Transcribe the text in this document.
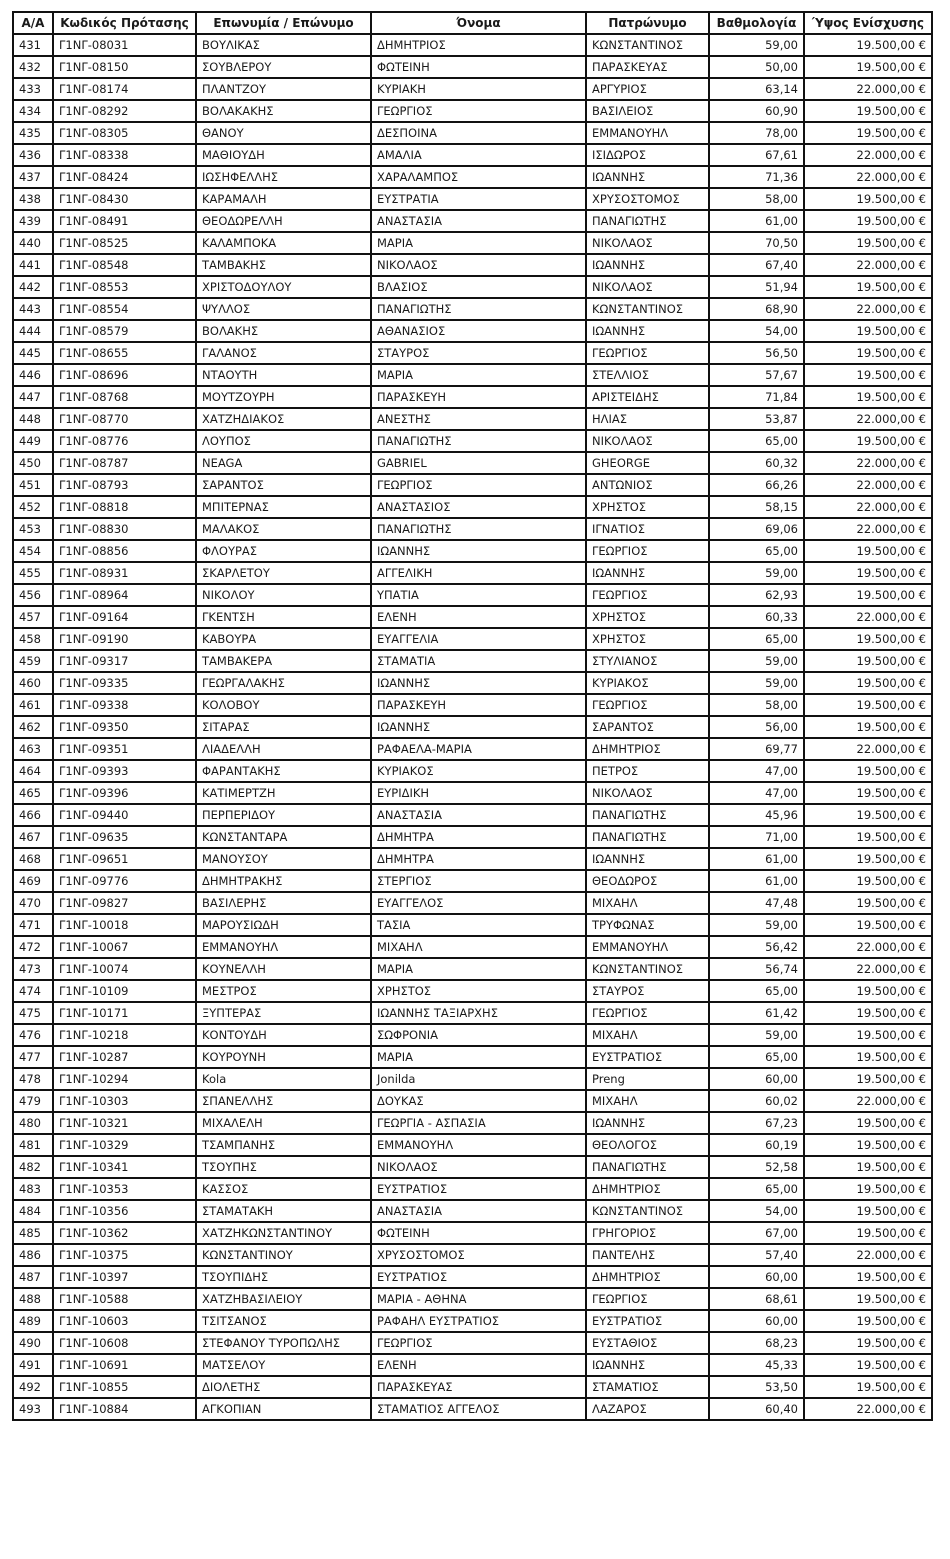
Α/Α	Κωδικός Πρότασης	Επωνυμία / Επώνυμο	Όνομα	Πατρώνυμο	Βαθμολογία	Ύψος Ενίσχυσης
431	Γ1ΝΓ-08031	ΒΟΥΛΙΚΑΣ	ΔΗΜΗΤΡΙΟΣ	ΚΩΝΣΤΑΝΤΙΝΟΣ	59,00	19.500,00 €
432	Γ1ΝΓ-08150	ΣΟΥΒΛΕΡΟΥ	ΦΩΤΕΙΝΗ	ΠΑΡΑΣΚΕΥΑΣ	50,00	19.500,00 €
433	Γ1ΝΓ-08174	ΠΛΑΝΤΖΟΥ	ΚΥΡΙΑΚΗ	ΑΡΓΥΡΙΟΣ	63,14	22.000,00 €
434	Γ1ΝΓ-08292	ΒΟΛΑΚΑΚΗΣ	ΓΕΩΡΓΙΟΣ	ΒΑΣΙΛΕΙΟΣ	60,90	19.500,00 €
435	Γ1ΝΓ-08305	ΘΑΝΟΥ	ΔΕΣΠΟΙΝΑ	ΕΜΜΑΝΟΥΗΛ	78,00	19.500,00 €
436	Γ1ΝΓ-08338	ΜΑΘΙΟΥΔΗ	ΑΜΑΛΙΑ	ΙΣΙΔΩΡΟΣ	67,61	22.000,00 €
437	Γ1ΝΓ-08424	ΙΩΣΗΦΕΛΛΗΣ	ΧΑΡΑΛΑΜΠΟΣ	ΙΩΑΝΝΗΣ	71,36	22.000,00 €
438	Γ1ΝΓ-08430	ΚΑΡΑΜΑΛΗ	ΕΥΣΤΡΑΤΙΑ	ΧΡΥΣΟΣΤΟΜΟΣ	58,00	19.500,00 €
439	Γ1ΝΓ-08491	ΘΕΟΔΩΡΕΛΛΗ	ΑΝΑΣΤΑΣΙΑ	ΠΑΝΑΓΙΩΤΗΣ	61,00	19.500,00 €
440	Γ1ΝΓ-08525	ΚΑΛΑΜΠΟΚΑ	ΜΑΡΙΑ	ΝΙΚΟΛΑΟΣ	70,50	19.500,00 €
441	Γ1ΝΓ-08548	ΤΑΜΒΑΚΗΣ	ΝΙΚΟΛΑΟΣ	ΙΩΑΝΝΗΣ	67,40	22.000,00 €
442	Γ1ΝΓ-08553	ΧΡΙΣΤΟΔΟΥΛΟΥ	ΒΛΑΣΙΟΣ	ΝΙΚΟΛΑΟΣ	51,94	19.500,00 €
443	Γ1ΝΓ-08554	ΨΥΛΛΟΣ	ΠΑΝΑΓΙΩΤΗΣ	ΚΩΝΣΤΑΝΤΙΝΟΣ	68,90	22.000,00 €
444	Γ1ΝΓ-08579	ΒΟΛΑΚΗΣ	ΑΘΑΝΑΣΙΟΣ	ΙΩΑΝΝΗΣ	54,00	19.500,00 €
445	Γ1ΝΓ-08655	ΓΑΛΑΝΟΣ	ΣΤΑΥΡΟΣ	ΓΕΩΡΓΙΟΣ	56,50	19.500,00 €
446	Γ1ΝΓ-08696	ΝΤΑΟΥΤΗ	ΜΑΡΙΑ	ΣΤΕΛΛΙΟΣ	57,67	19.500,00 €
447	Γ1ΝΓ-08768	ΜΟΥΤΖΟΥΡΗ	ΠΑΡΑΣΚΕΥΗ	ΑΡΙΣΤΕΙΔΗΣ	71,84	19.500,00 €
448	Γ1ΝΓ-08770	ΧΑΤΖΗΔΙΑΚΟΣ	ΑΝΕΣΤΗΣ	ΗΛΙΑΣ	53,87	22.000,00 €
449	Γ1ΝΓ-08776	ΛΟΥΠΟΣ	ΠΑΝΑΓΙΩΤΗΣ	ΝΙΚΟΛΑΟΣ	65,00	19.500,00 €
450	Γ1ΝΓ-08787	NEAGA	GABRIEL	GHEORGE	60,32	22.000,00 €
451	Γ1ΝΓ-08793	ΣΑΡΑΝΤΟΣ	ΓΕΩΡΓΙΟΣ	ΑΝΤΩΝΙΟΣ	66,26	22.000,00 €
452	Γ1ΝΓ-08818	ΜΠΙΤΕΡΝΑΣ	ΑΝΑΣΤΑΣΙΟΣ	ΧΡΗΣΤΟΣ	58,15	22.000,00 €
453	Γ1ΝΓ-08830	ΜΑΛΑΚΟΣ	ΠΑΝΑΓΙΩΤΗΣ	ΙΓΝΑΤΙΟΣ	69,06	22.000,00 €
454	Γ1ΝΓ-08856	ΦΛΟΥΡΑΣ	ΙΩΑΝΝΗΣ	ΓΕΩΡΓΙΟΣ	65,00	19.500,00 €
455	Γ1ΝΓ-08931	ΣΚΑΡΛΕΤΟΥ	ΑΓΓΕΛΙΚΗ	ΙΩΑΝΝΗΣ	59,00	19.500,00 €
456	Γ1ΝΓ-08964	ΝΙΚΟΛΟΥ	ΥΠΑΤΙΑ	ΓΕΩΡΓΙΟΣ	62,93	19.500,00 €
457	Γ1ΝΓ-09164	ΓΚΕΝΤΣΗ	ΕΛΕΝΗ	ΧΡΗΣΤΟΣ	60,33	22.000,00 €
458	Γ1ΝΓ-09190	ΚΑΒΟΥΡΑ	ΕΥΑΓΓΕΛΙΑ	ΧΡΗΣΤΟΣ	65,00	19.500,00 €
459	Γ1ΝΓ-09317	ΤΑΜΒΑΚΕΡΑ	ΣΤΑΜΑΤΙΑ	ΣΤΥΛΙΑΝΟΣ	59,00	19.500,00 €
460	Γ1ΝΓ-09335	ΓΕΩΡΓΑΛΑΚΗΣ	ΙΩΑΝΝΗΣ	ΚΥΡΙΑΚΟΣ	59,00	19.500,00 €
461	Γ1ΝΓ-09338	ΚΟΛΟΒΟΥ	ΠΑΡΑΣΚΕΥΗ	ΓΕΩΡΓΙΟΣ	58,00	19.500,00 €
462	Γ1ΝΓ-09350	ΣΙΤΑΡΑΣ	ΙΩΑΝΝΗΣ	ΣΑΡΑΝΤΟΣ	56,00	19.500,00 €
463	Γ1ΝΓ-09351	ΛΙΑΔΕΛΛΗ	ΡΑΦΑΕΛΑ-ΜΑΡΙΑ	ΔΗΜΗΤΡΙΟΣ	69,77	22.000,00 €
464	Γ1ΝΓ-09393	ΦΑΡΑΝΤΑΚΗΣ	ΚΥΡΙΑΚΟΣ	ΠΕΤΡΟΣ	47,00	19.500,00 €
465	Γ1ΝΓ-09396	ΚΑΤΙΜΕΡΤΖΗ	ΕΥΡΙΔΙΚΗ	ΝΙΚΟΛΑΟΣ	47,00	19.500,00 €
466	Γ1ΝΓ-09440	ΠΕΡΠΕΡΙΔΟΥ	ΑΝΑΣΤΑΣΙΑ	ΠΑΝΑΓΙΩΤΗΣ	45,96	19.500,00 €
467	Γ1ΝΓ-09635	ΚΩΝΣΤΑΝΤΑΡΑ	ΔΗΜΗΤΡΑ	ΠΑΝΑΓΙΩΤΗΣ	71,00	19.500,00 €
468	Γ1ΝΓ-09651	ΜΑΝΟΥΣΟΥ	ΔΗΜΗΤΡΑ	ΙΩΑΝΝΗΣ	61,00	19.500,00 €
469	Γ1ΝΓ-09776	ΔΗΜΗΤΡΑΚΗΣ	ΣΤΕΡΓΙΟΣ	ΘΕΟΔΩΡΟΣ	61,00	19.500,00 €
470	Γ1ΝΓ-09827	ΒΑΣΙΛΕΡΗΣ	ΕΥΑΓΓΕΛΟΣ	ΜΙΧΑΗΛ	47,48	19.500,00 €
471	Γ1ΝΓ-10018	ΜΑΡΟΥΣΙΩΔΗ	ΤΑΣΙΑ	ΤΡΥΦΩΝΑΣ	59,00	19.500,00 €
472	Γ1ΝΓ-10067	ΕΜΜΑΝΟΥΗΛ	ΜΙΧΑΗΛ	ΕΜΜΑΝΟΥΗΛ	56,42	22.000,00 €
473	Γ1ΝΓ-10074	ΚΟΥΝΕΛΛΗ	ΜΑΡΙΑ	ΚΩΝΣΤΑΝΤΙΝΟΣ	56,74	22.000,00 €
474	Γ1ΝΓ-10109	ΜΕΣΤΡΟΣ	ΧΡΗΣΤΟΣ	ΣΤΑΥΡΟΣ	65,00	19.500,00 €
475	Γ1ΝΓ-10171	ΞΥΠΤΕΡΑΣ	ΙΩΑΝΝΗΣ ΤΑΞΙΑΡΧΗΣ	ΓΕΩΡΓΙΟΣ	61,42	19.500,00 €
476	Γ1ΝΓ-10218	ΚΟΝΤΟΥΔΗ	ΣΩΦΡΟΝΙΑ	ΜΙΧΑΗΛ	59,00	19.500,00 €
477	Γ1ΝΓ-10287	ΚΟΥΡΟΥΝΗ	ΜΑΡΙΑ	ΕΥΣΤΡΑΤΙΟΣ	65,00	19.500,00 €
478	Γ1ΝΓ-10294	Kola	Jonilda	Preng	60,00	19.500,00 €
479	Γ1ΝΓ-10303	ΣΠΑΝΕΛΛΗΣ	ΔΟΥΚΑΣ	ΜΙΧΑΗΛ	60,02	22.000,00 €
480	Γ1ΝΓ-10321	ΜΙΧΑΛΕΛΗ	ΓΕΩΡΓΙΑ - ΑΣΠΑΣΙΑ	ΙΩΑΝΝΗΣ	67,23	19.500,00 €
481	Γ1ΝΓ-10329	ΤΣΑΜΠΑΝΗΣ	ΕΜΜΑΝΟΥΗΛ	ΘΕΟΛΟΓΟΣ	60,19	19.500,00 €
482	Γ1ΝΓ-10341	ΤΣΟΥΠΗΣ	ΝΙΚΟΛΑΟΣ	ΠΑΝΑΓΙΩΤΗΣ	52,58	19.500,00 €
483	Γ1ΝΓ-10353	ΚΑΣΣΟΣ	ΕΥΣΤΡΑΤΙΟΣ	ΔΗΜΗΤΡΙΟΣ	65,00	19.500,00 €
484	Γ1ΝΓ-10356	ΣΤΑΜΑΤΑΚΗ	ΑΝΑΣΤΑΣΙΑ	ΚΩΝΣΤΑΝΤΙΝΟΣ	54,00	19.500,00 €
485	Γ1ΝΓ-10362	ΧΑΤΖΗΚΩΝΣΤΑΝΤΙΝΟΥ	ΦΩΤΕΙΝΗ	ΓΡΗΓΟΡΙΟΣ	67,00	19.500,00 €
486	Γ1ΝΓ-10375	ΚΩΝΣΤΑΝΤΙΝΟΥ	ΧΡΥΣΟΣΤΟΜΟΣ	ΠΑΝΤΕΛΗΣ	57,40	22.000,00 €
487	Γ1ΝΓ-10397	ΤΣΟΥΠΙΔΗΣ	ΕΥΣΤΡΑΤΙΟΣ	ΔΗΜΗΤΡΙΟΣ	60,00	19.500,00 €
488	Γ1ΝΓ-10588	ΧΑΤΖΗΒΑΣΙΛΕΙΟΥ	ΜΑΡΙΑ - ΑΘΗΝΑ	ΓΕΩΡΓΙΟΣ	68,61	19.500,00 €
489	Γ1ΝΓ-10603	ΤΣΙΤΣΑΝΟΣ	ΡΑΦΑΗΛ ΕΥΣΤΡΑΤΙΟΣ	ΕΥΣΤΡΑΤΙΟΣ	60,00	19.500,00 €
490	Γ1ΝΓ-10608	ΣΤΕΦΑΝΟΥ ΤΥΡΟΠΩΛΗΣ	ΓΕΩΡΓΙΟΣ	ΕΥΣΤΑΘΙΟΣ	68,23	19.500,00 €
491	Γ1ΝΓ-10691	ΜΑΤΣΕΛΟΥ	ΕΛΕΝΗ	ΙΩΑΝΝΗΣ	45,33	19.500,00 €
492	Γ1ΝΓ-10855	ΔΙΟΛΕΤΗΣ	ΠΑΡΑΣΚΕΥΑΣ	ΣΤΑΜΑΤΙΟΣ	53,50	19.500,00 €
493	Γ1ΝΓ-10884	ΑΓΚΟΠΙΑΝ	ΣΤΑΜΑΤΙΟΣ ΑΓΓΕΛΟΣ	ΛΑΖΑΡΟΣ	60,40	22.000,00 €
